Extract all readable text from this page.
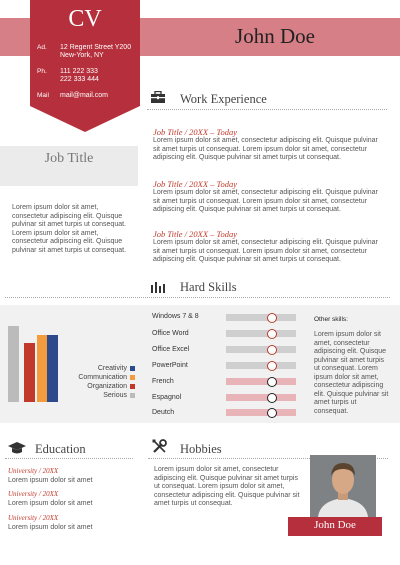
CV
Ad. 12 Regent Street Y200
New-York, NY
Ph. 111 222 333
222 333 444
Mail mail@mail.com
John Doe
Work Experience
Job Title
Lorem ipsum dolor sit amet, consectetur adipiscing elit. Quisque pulvinar sit amet turpis ut consequat. Lorem ipsum dolor sit amet, consectetur adipiscing elit. Quisque pulvinar sit amet turpis ut consequat.
Job Title / 20XX – Today
Lorem ipsum dolor sit amet, consectetur adipiscing elit. Quisque pulvinar sit amet turpis ut consequat. Lorem ipsum dolor sit amet, consectetur adipiscing elit. Quisque pulvinar sit amet turpis ut consequat.
Job Title / 20XX – Today
Lorem ipsum dolor sit amet, consectetur adipiscing elit. Quisque pulvinar sit amet turpis ut consequat. Lorem ipsum dolor sit amet, consectetur adipiscing elit. Quisque pulvinar sit amet turpis ut consequat.
Job Title / 20XX – Today
Lorem ipsum dolor sit amet, consectetur adipiscing elit. Quisque pulvinar sit amet turpis ut consequat. Lorem ipsum dolor sit amet, consectetur adipiscing elit. Quisque pulvinar sit amet turpis ut consequat.
Hard Skills
Creativity
Communication
Organization
Serious
Windows 7 & 8
Office Word
Office Excel
PowerPoint
French
Espagnol
Deutch
Other skills:
Lorem ipsum dolor sit amet, consectetur adipiscing elit. Quisque pulvinar sit amet turpis ut consequat. Lorem ipsum dolor sit amet, consectetur adipiscing elit. Quisque pulvinar sit amet turpis ut consequat.
Education
University / 20XX
Lorem ipsum dolor sit amet
University / 20XX
Lorem ipsum dolor sit amet
University / 20XX
Lorem ipsum dolor sit amet
Hobbies
Lorem ipsum dolor sit amet, consectetur adipiscing elit. Quisque pulvinar sit amet turpis ut consequat. Lorem ipsum dolor sit amet, consectetur adipiscing elit. Quisque pulvinar sit amet turpis ut consequat.
John Doe
